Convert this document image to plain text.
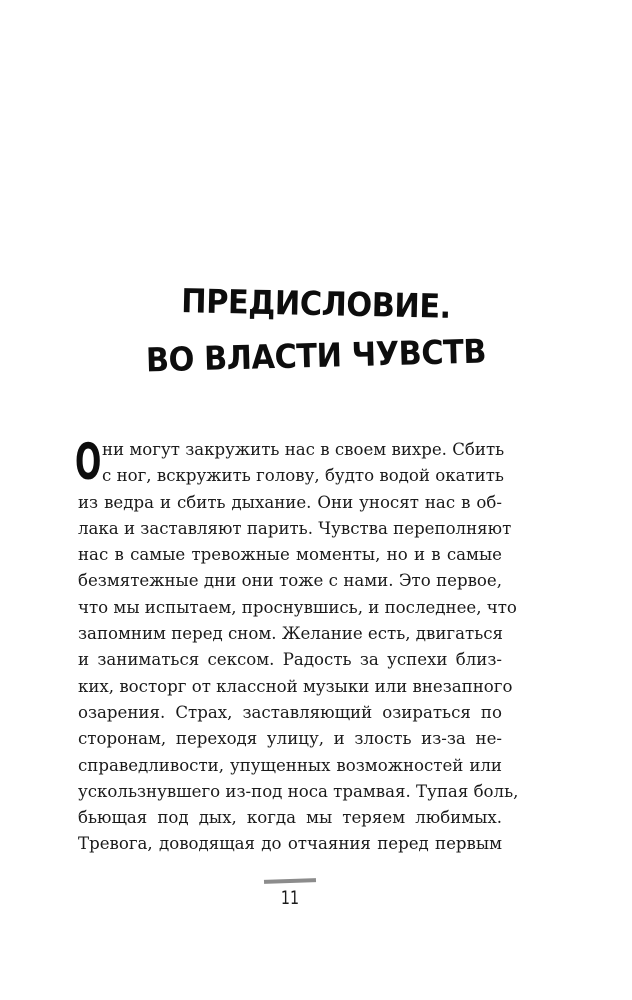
ПРЕДИСЛОВИЕ.
ВО ВЛАСТИ ЧУВСТВ
О ни могут закружить нас в своем вихре. Сбить
с ног, вскружить голову, будто водой окатить
из ведра и сбить дыхание. Они уносят нас в об-
лака и заставляют парить. Чувства переполняют
нас в самые тревожные моменты, но и в самые
безмятежные дни они тоже с нами. Это первое,
что мы испытаем, проснувшись, и последнее, что
запомним перед сном. Желание есть, двигаться
и заниматься сексом. Радость за успехи близ-
ких, восторг от классной музыки или внезапного
озарения. Страх, заставляющий озираться по
сторонам, переходя улицу, и злость из-за не-
справедливости, упущенных возможностей или
ускользнувшего из-под носа трамвая. Тупая боль,
бьющая под дых, когда мы теряем любимых.
Тревога, доводящая до отчаяния перед первым
11
